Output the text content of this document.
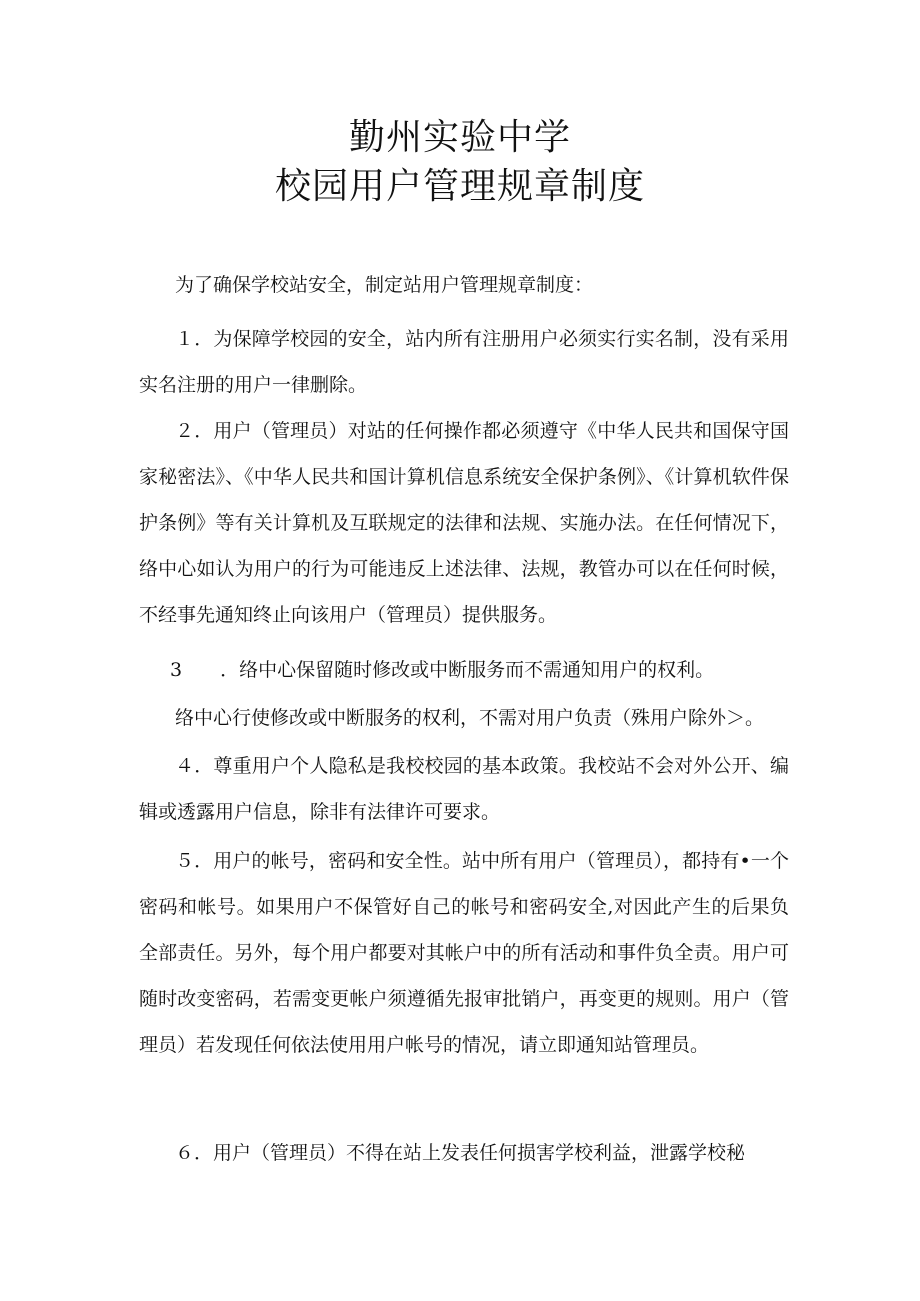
勤州实验中学
校园用户管理规章制度
为了确保学校站安全，制定站用户管理规章制度：
１．为保障学校园的安全，站内所有注册用户必须实行实名制，没有采用实名注册的用户一律删除。
２．用户（管理员）对站的任何操作都必须遵守《中华人民共和国保守国家秘密法》、《中华人民共和国计算机信息系统安全保护条例》、《计算机软件保护条例》等有关计算机及互联规定的法律和法规、实施办法。在任何情况下，络中心如认为用户的行为可能违反上述法律、法规，教管办可以在任何时候，不经事先通知终止向该用户（管理员）提供服务。
3　　．络中心保留随时修改或中断服务而不需通知用户的权利。
络中心行使修改或中断服务的权利，不需对用户负责（殊用户除外＞。
４．尊重用户个人隐私是我校校园的基本政策。我校站不会对外公开、编辑或透露用户信息，除非有法律许可要求。
５．用户的帐号，密码和安全性。站中所有用户（管理员），都持有•一个密码和帐号。如果用户不保管好自己的帐号和密码安全,对因此产生的后果负全部责任。另外，每个用户都要对其帐户中的所有活动和事件负全责。用户可随时改变密码，若需变更帐户须遵循先报审批销户，再变更的规则。用户（管理员）若发现任何依法使用用户帐号的情况，请立即通知站管理员。
６．用户（管理员）不得在站上发表任何损害学校利益，泄露学校秘
